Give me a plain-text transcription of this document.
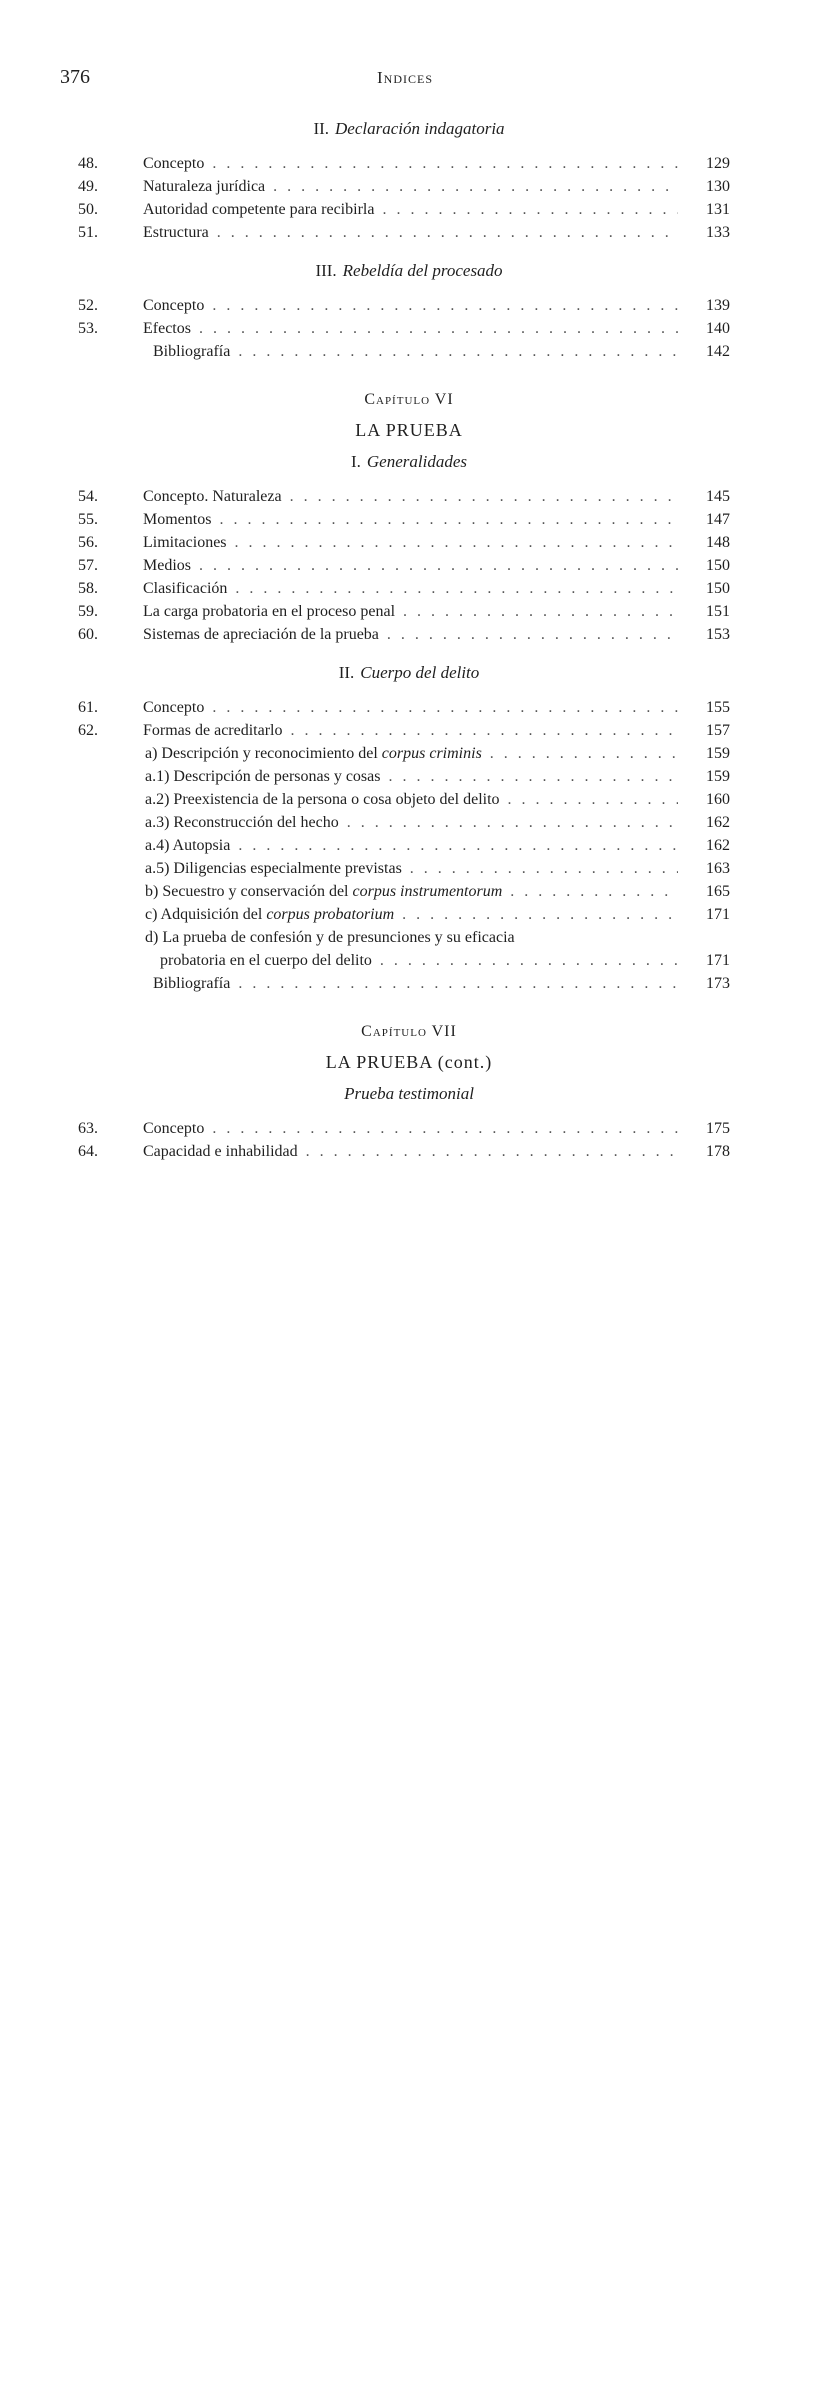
376	Indices
II. Declaración indagatoria
48.	Concepto . . .	129
49.	Naturaleza jurídica . . .	130
50.	Autoridad competente para recibirla . . .	131
51.	Estructura . . .	133
III. Rebeldía del procesado
52.	Concepto . . .	139
53.	Efectos . . .	140
Bibliografía . . .	142
Capítulo VI
LA PRUEBA
I. Generalidades
54.	Concepto. Naturaleza . . .	145
55.	Momentos . . .	147
56.	Limitaciones . . .	148
57.	Medios . . .	150
58.	Clasificación . . .	150
59.	La carga probatoria en el proceso penal . . .	151
60.	Sistemas de apreciación de la prueba . . .	153
II. Cuerpo del delito
61.	Concepto . . .	155
62.	Formas de acreditarlo . . .	157
a) Descripción y reconocimiento del corpus criminis . . .	159
a.1) Descripción de personas y cosas . . .	159
a.2) Preexistencia de la persona o cosa objeto del delito . . .	160
a.3) Reconstrucción del hecho . . .	162
a.4) Autopsia . . .	162
a.5) Diligencias especialmente previstas . . .	163
b) Secuestro y conservación del corpus instrumentorum . . .	165
c) Adquisición del corpus probatorium . . .	171
d) La prueba de confesión y de presunciones y su eficacia
probatoria en el cuerpo del delito . . .	171
Bibliografía . . .	173
Capítulo VII
LA PRUEBA (cont.)
Prueba testimonial
63.	Concepto . . .	175
64.	Capacidad e inhabilidad . . .	178
